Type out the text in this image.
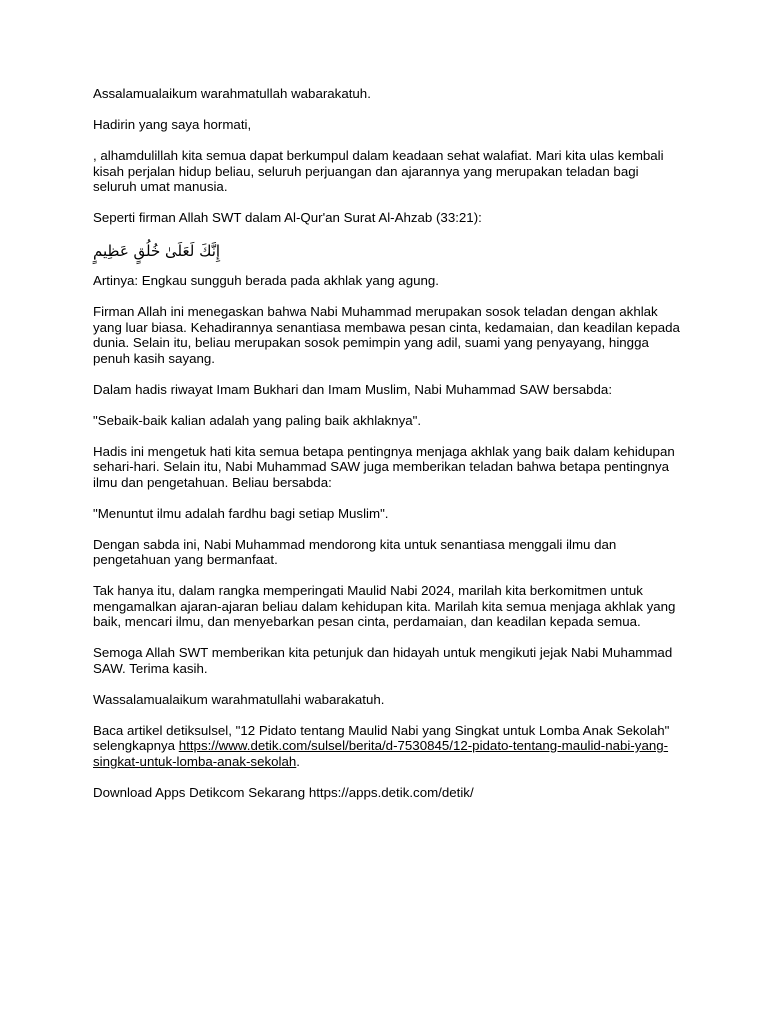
Assalamualaikum warahmatullah wabarakatuh.

Hadirin yang saya hormati,

, alhamdulillah kita semua dapat berkumpul dalam keadaan sehat walafiat. Mari kita ulas kembali kisah perjalan hidup beliau, seluruh perjuangan dan ajarannya yang merupakan teladan bagi seluruh umat manusia.

Seperti firman Allah SWT dalam Al-Qur'an Surat Al-Ahzab (33:21):

إِنَّكَ لَعَلَىٰ خُلُقٍ عَظِيمٍ

Artinya: Engkau sungguh berada pada akhlak yang agung.

Firman Allah ini menegaskan bahwa Nabi Muhammad merupakan sosok teladan dengan akhlak yang luar biasa. Kehadirannya senantiasa membawa pesan cinta, kedamaian, dan keadilan kepada dunia. Selain itu, beliau merupakan sosok pemimpin yang adil, suami yang penyayang, hingga penuh kasih sayang.

Dalam hadis riwayat Imam Bukhari dan Imam Muslim, Nabi Muhammad SAW bersabda:

"Sebaik-baik kalian adalah yang paling baik akhlaknya".

Hadis ini mengetuk hati kita semua betapa pentingnya menjaga akhlak yang baik dalam kehidupan sehari-hari. Selain itu, Nabi Muhammad SAW juga memberikan teladan bahwa betapa pentingnya ilmu dan pengetahuan. Beliau bersabda:

"Menuntut ilmu adalah fardhu bagi setiap Muslim".

Dengan sabda ini, Nabi Muhammad mendorong kita untuk senantiasa menggali ilmu dan pengetahuan yang bermanfaat.

Tak hanya itu, dalam rangka memperingati Maulid Nabi 2024, marilah kita berkomitmen untuk mengamalkan ajaran-ajaran beliau dalam kehidupan kita. Marilah kita semua menjaga akhlak yang baik, mencari ilmu, dan menyebarkan pesan cinta, perdamaian, dan keadilan kepada semua.

Semoga Allah SWT memberikan kita petunjuk dan hidayah untuk mengikuti jejak Nabi Muhammad SAW. Terima kasih.

Wassalamualaikum warahmatullahi wabarakatuh.

Baca artikel detiksulsel, "12 Pidato tentang Maulid Nabi yang Singkat untuk Lomba Anak Sekolah" selengkapnya https://www.detik.com/sulsel/berita/d-7530845/12-pidato-tentang-maulid-nabi-yang-singkat-untuk-lomba-anak-sekolah.

Download Apps Detikcom Sekarang https://apps.detik.com/detik/
